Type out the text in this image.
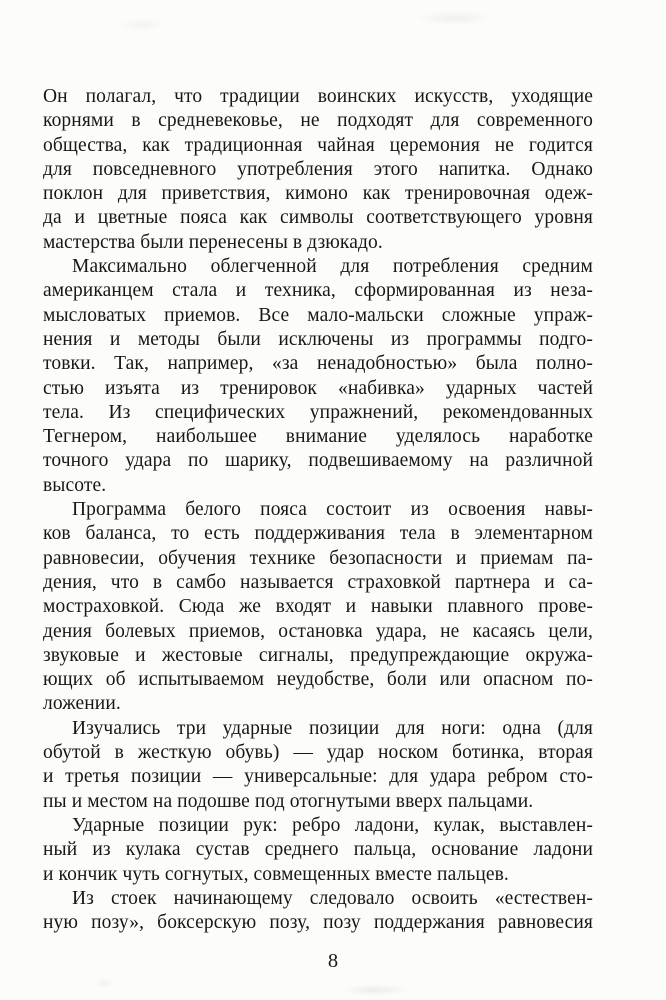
Он полагал, что традиции воинских искусств, уходящие
корнями в средневековье, не подходят для современного
общества, как традиционная чайная церемония не годится
для повседневного употребления этого напитка. Однако
поклон для приветствия, кимоно как тренировочная одеж-
да и цветные пояса как символы соответствующего уровня
мастерства были перенесены в дзюкадо.
Максимально облегченной для потребления средним
американцем стала и техника, сформированная из неза-
мысловатых приемов. Все мало-мальски сложные упраж-
нения и методы были исключены из программы подго-
товки. Так, например, «за ненадобностью» была полно-
стью изъята из тренировок «набивка» ударных частей
тела. Из специфических упражнений, рекомендованных
Тегнером, наибольшее внимание уделялось наработке
точного удара по шарику, подвешиваемому на различной
высоте.
Программа белого пояса состоит из освоения навы-
ков баланса, то есть поддерживания тела в элементарном
равновесии, обучения технике безопасности и приемам па-
дения, что в самбо называется страховкой партнера и са-
мостраховкой. Сюда же входят и навыки плавного прове-
дения болевых приемов, остановка удара, не касаясь цели,
звуковые и жестовые сигналы, предупреждающие окружа-
ющих об испытываемом неудобстве, боли или опасном по-
ложении.
Изучались три ударные позиции для ноги: одна (для
обутой в жесткую обувь) — удар носком ботинка, вторая
и третья позиции — универсальные: для удара ребром сто-
пы и местом на подошве под отогнутыми вверх пальцами.
Ударные позиции рук: ребро ладони, кулак, выставлен-
ный из кулака сустав среднего пальца, основание ладони
и кончик чуть согнутых, совмещенных вместе пальцев.
Из стоек начинающему следовало освоить «естествен-
ную позу», боксерскую позу, позу поддержания равновесия
8
